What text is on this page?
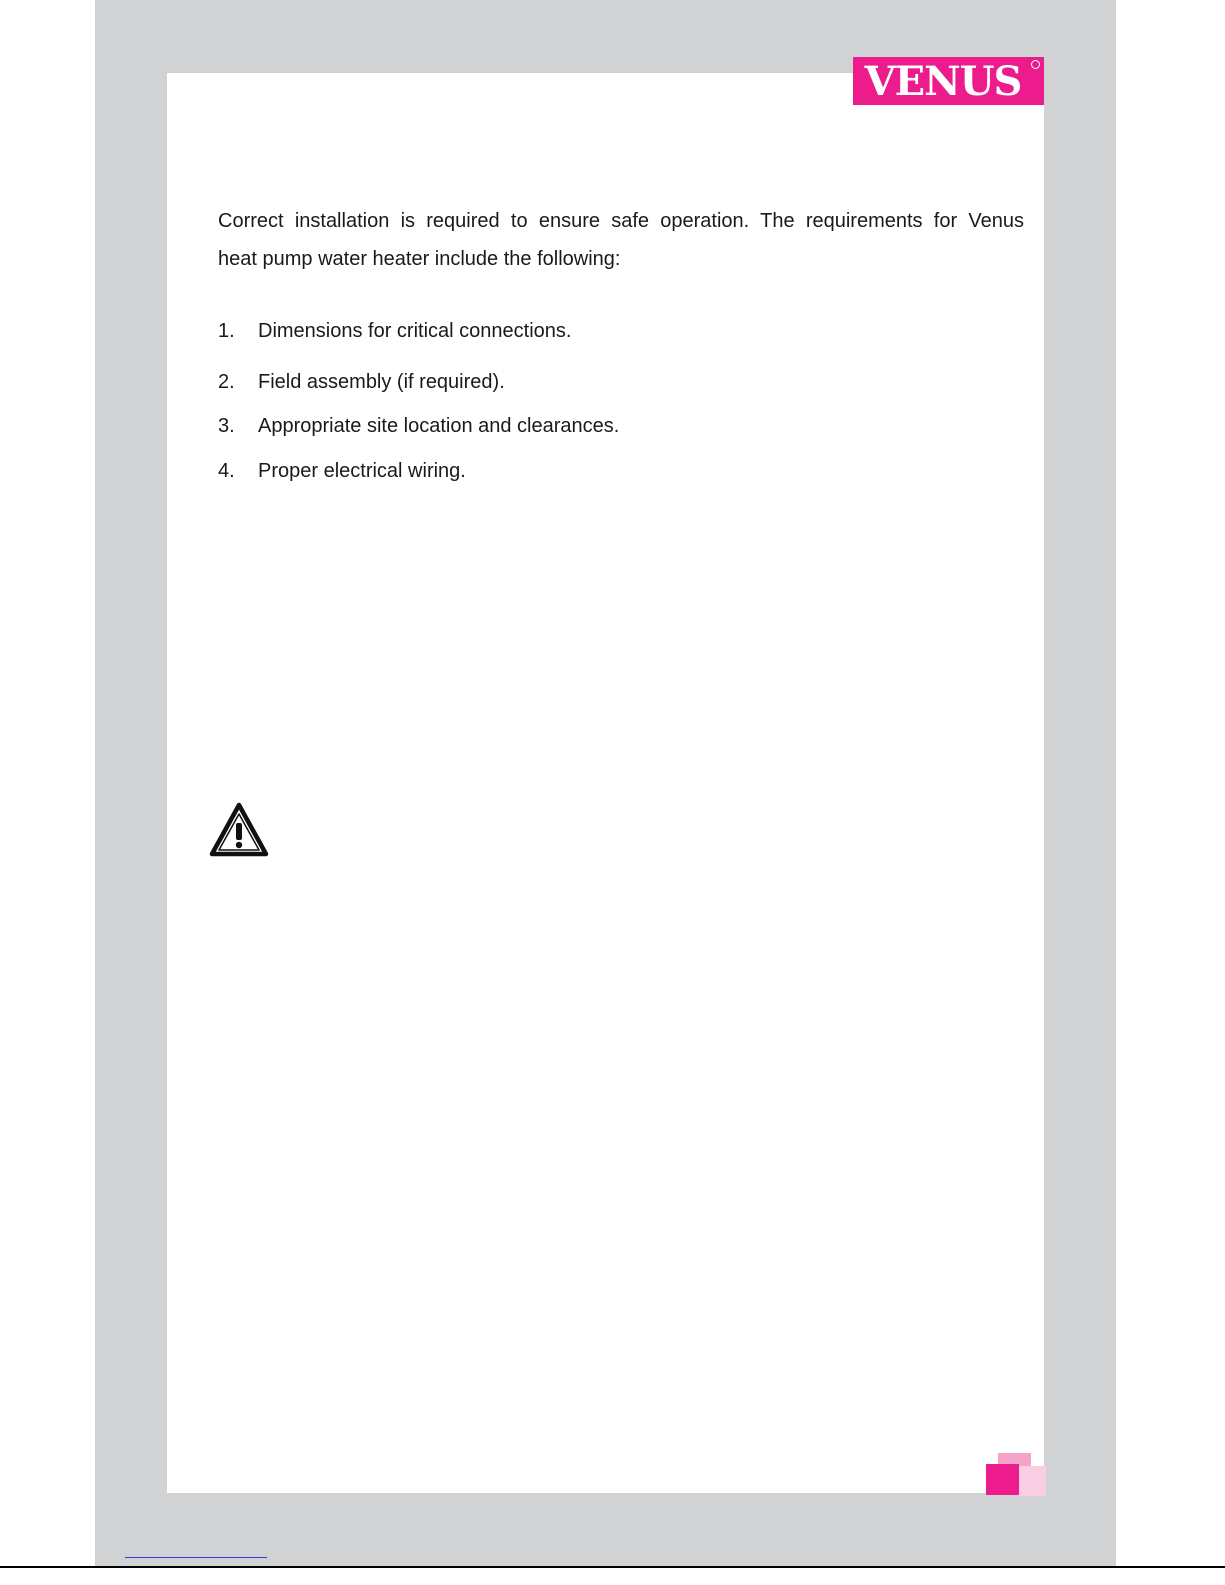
VENUS

Correct installation is required to ensure safe operation. The requirements for Venus
heat pump water heater include the following:

1. Dimensions for critical connections.
2. Field assembly (if required).
3. Appropriate site location and clearances.
4. Proper electrical wiring.
